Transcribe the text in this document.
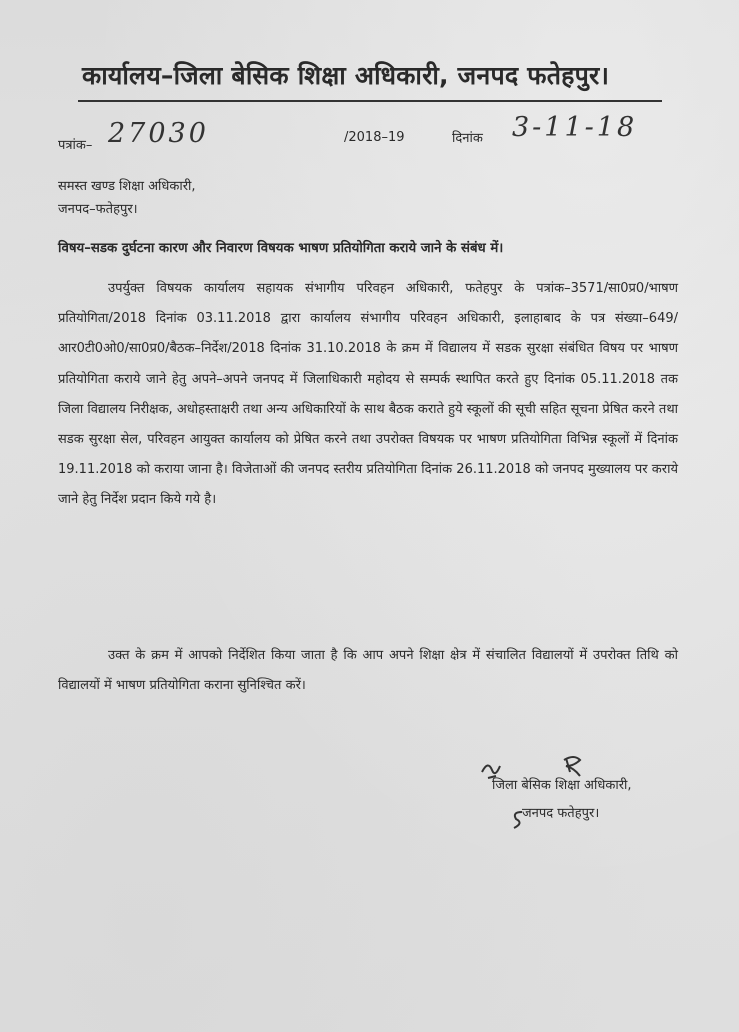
कार्यालय–जिला बेसिक शिक्षा अधिकारी, जनपद फतेहपुर।
पत्रांक– 27030	/2018–19	दिनांक 3-11-18
समस्त खण्ड शिक्षा अधिकारी,
जनपद–फतेहपुर।
विषय–सडक दुर्घटना कारण और निवारण विषयक भाषण प्रतियोगिता कराये जाने के संबंध में।

उपर्युक्त विषयक कार्यालय सहायक संभागीय परिवहन अधिकारी, फतेहपुर के पत्रांक–3571/सा0प्र0/भाषण प्रतियोगिता/2018 दिनांक 03.11.2018 द्वारा कार्यालय संभागीय परिवहन अधिकारी, इलाहाबाद के पत्र संख्या–649/आर0टी0ओ0/सा0प्र0/बैठक–निर्देश/2018 दिनांक 31.10.2018 के क्रम में विद्यालय में सडक सुरक्षा संबंधित विषय पर भाषण प्रतियोगिता कराये जाने हेतु अपने–अपने जनपद में जिलाधिकारी महोदय से सम्पर्क स्थापित करते हुए दिनांक 05.11.2018 तक जिला विद्यालय निरीक्षक, अधोहस्ताक्षरी तथा अन्य अधिकारियों के साथ बैठक कराते हुये स्कूलों की सूची सहित सूचना प्रेषित करने तथा सडक सुरक्षा सेल, परिवहन आयुक्त कार्यालय को प्रेषित करने तथा उपरोक्त विषयक पर भाषण प्रतियोगिता विभिन्न स्कूलों में दिनांक 19.11.2018 को कराया जाना है। विजेताओं की जनपद स्तरीय प्रतियोगिता दिनांक 26.11.2018 को जनपद मुख्यालय पर कराये जाने हेतु निर्देश प्रदान किये गये है।

उक्त के क्रम में आपको निर्देशित किया जाता है कि आप अपने शिक्षा क्षेत्र में संचालित विद्यालयों में उपरोक्त तिथि को विद्यालयों में भाषण प्रतियोगिता कराना सुनिश्चित करें।

जिला बेसिक शिक्षा अधिकारी,
जनपद फतेहपुर।
